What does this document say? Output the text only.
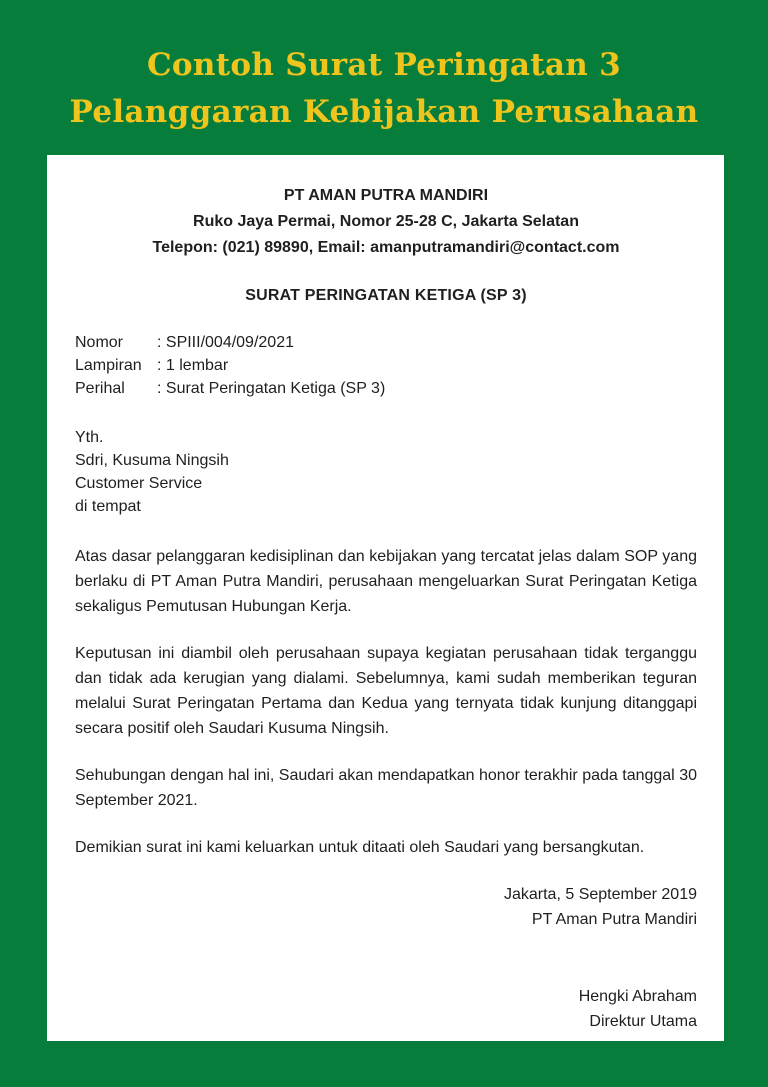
Contoh Surat Peringatan 3
Pelanggaran Kebijakan Perusahaan
PT AMAN PUTRA MANDIRI
Ruko Jaya Permai, Nomor 25-28 C, Jakarta Selatan
Telepon: (021) 89890, Email: amanputramandiri@contact.com
SURAT PERINGATAN KETIGA (SP 3)
Nomor	: SPIII/004/09/2021
Lampiran : 1 lembar
Perihal	: Surat Peringatan Ketiga (SP 3)
Yth.
Sdri, Kusuma Ningsih
Customer Service
di tempat

Atas dasar pelanggaran kedisiplinan dan kebijakan yang tercatat jelas dalam SOP yang berlaku di PT Aman Putra Mandiri, perusahaan mengeluarkan Surat Peringatan Ketiga sekaligus Pemutusan Hubungan Kerja.

Keputusan ini diambil oleh perusahaan supaya kegiatan perusahaan tidak terganggu dan tidak ada kerugian yang dialami. Sebelumnya, kami sudah memberikan teguran melalui Surat Peringatan Pertama dan Kedua yang ternyata tidak kunjung ditanggapi secara positif oleh Saudari Kusuma Ningsih.

Sehubungan dengan hal ini, Saudari akan mendapatkan honor terakhir pada tanggal 30 September 2021.

Demikian surat ini kami keluarkan untuk ditaati oleh Saudari yang bersangkutan.

Jakarta, 5 September 2019
PT Aman Putra Mandiri
Hengki Abraham
Direktur Utama
